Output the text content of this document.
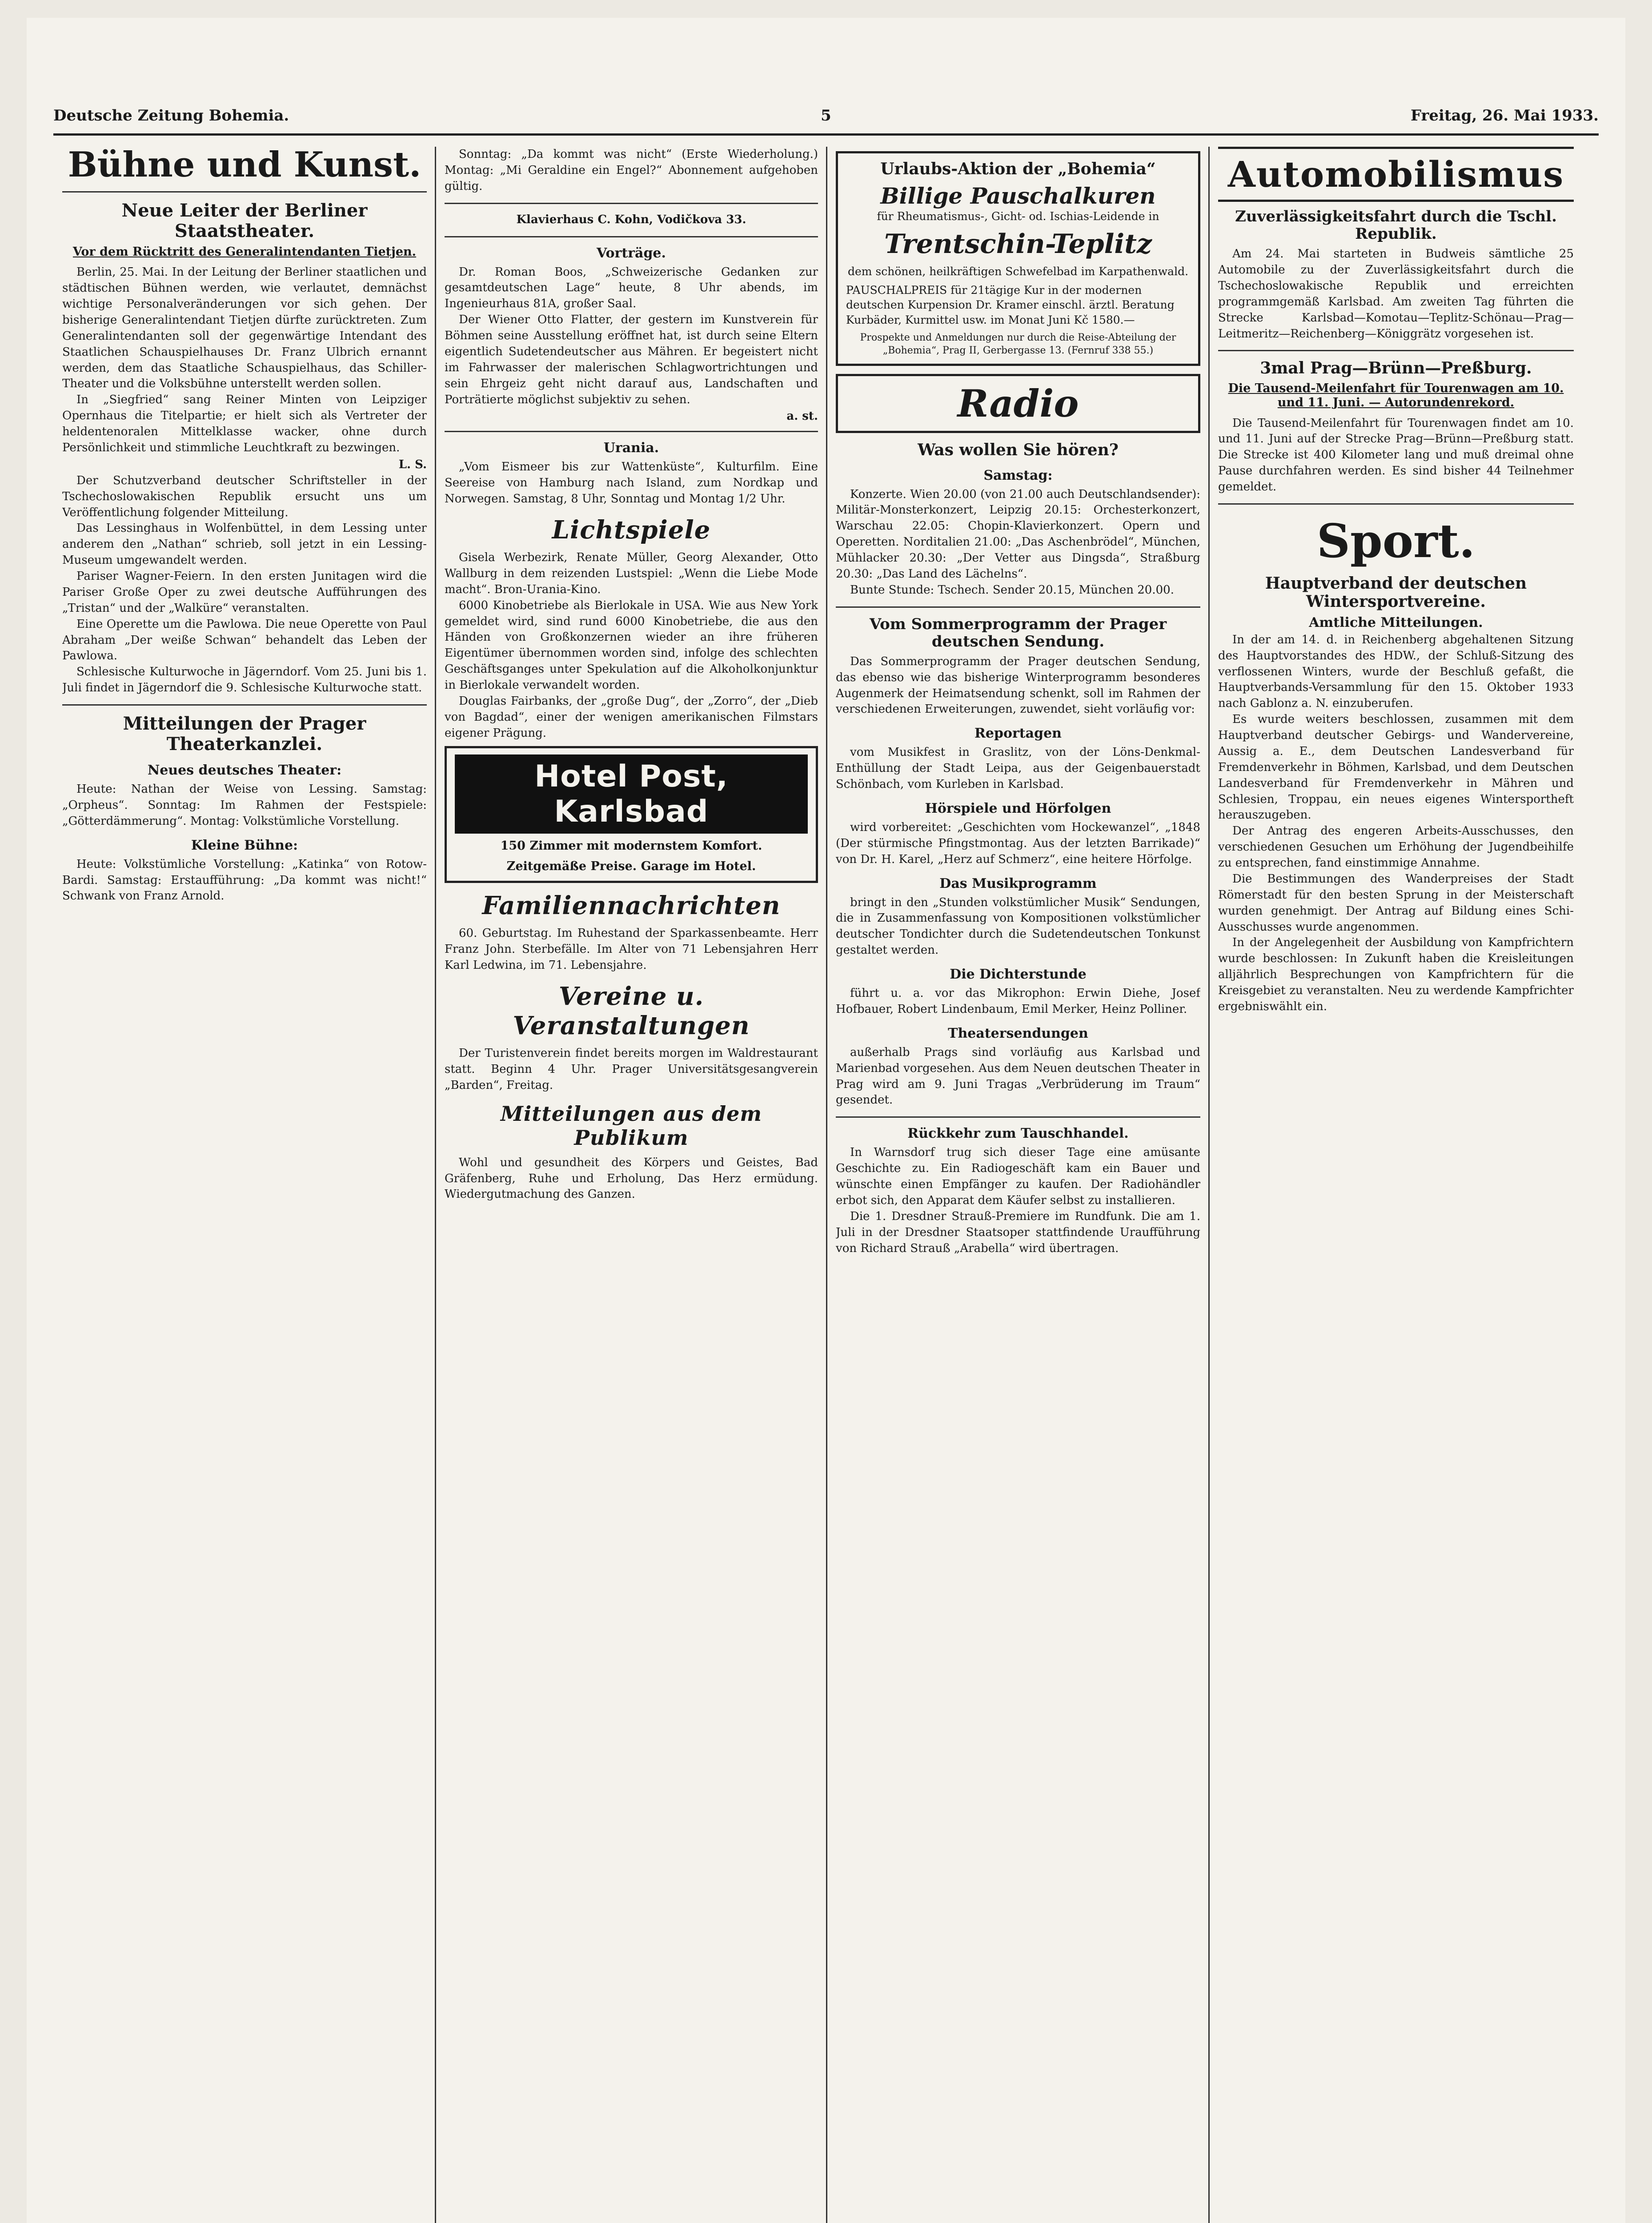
Deutsche Zeitung Bohemia.	5	Freitag, 26. Mai 1933.
Bühne und Kunst.
Neue Leiter der Berliner Staatstheater.
Vor dem Rücktritt des Generalintendanten Tietjen.

Berlin, 25. Mai. In der Leitung der Berliner staatlichen und städtischen Bühnen werden, wie verlautet, demnächst wichtige Personalveränderungen vor sich gehen. Der bisherige Generalintendant Tietjen dürfte zurücktreten. Zum Generalintendanten soll der gegenwärtige Intendant des Staatlichen Schauspielhauses Dr. Franz Ulbrich ernannt werden, dem das Staatliche Schauspielhaus, das Schiller-Theater und die Volksbühne unterstellt werden sollen.

In „Siegfried“ sang Reiner Minten von Leipziger Opernhaus die Titelpartie; er hielt sich als Vertreter der heldentenoralen Mittelklasse wacker, ohne durch Persönlichkeit und stimmliche Leuchtkraft zu bezwingen.

L. S.

Der Schutzverband deutscher Schriftsteller in der Tschechoslowakischen Republik ersucht uns um Veröffentlichung folgender Mitteilung.

Das Lessinghaus in Wolfenbüttel, in dem Lessing unter anderem den „Nathan“ schrieb, soll jetzt in ein Lessing-Museum umgewandelt werden.

Pariser Wagner-Feiern. In den ersten Junitagen wird die Pariser Große Oper zu zwei deutsche Aufführungen des „Tristan“ und der „Walküre“ veranstalten.

Eine Operette um die Pawlowa. Die neue Operette von Paul Abraham „Der weiße Schwan“ behandelt das Leben der Pawlowa.

Schlesische Kulturwoche in Jägerndorf. Vom 25. Juni bis 1. Juli findet in Jägerndorf die 9. Schlesische Kulturwoche statt.

Mitteilungen der Prager Theaterkanzlei.
Neues deutsches Theater:

Heute: Nathan der Weise von Lessing. Samstag: „Orpheus“. Sonntag: Im Rahmen der Festspiele: „Götterdämmerung“. Montag: Volkstümliche Vorstellung.

Kleine Bühne:

Heute: Volkstümliche Vorstellung: „Katinka“ von Rotow-Bardi. Samstag: Erstaufführung: „Da kommt was nicht!“ Schwank von Franz Arnold.

Sonntag: „Da kommt was nicht“ (Erste Wiederholung.) Montag: „Mi Geraldine ein Engel?“ Abonnement aufgehoben gültig.

Klavierhaus C. Kohn, Vodičkova 33.

Vorträge.

Dr. Roman Boos, „Schweizerische Gedanken zur gesamtdeutschen Lage“ heute, 8 Uhr abends, im Ingenieurhaus 81A, großer Saal.

Der Wiener Otto Flatter, der gestern im Kunstverein für Böhmen seine Ausstellung eröffnet hat, ist durch seine Eltern eigentlich Sudetendeutscher aus Mähren. Er begeistert nicht im Fahrwasser der malerischen Schlagwortrichtungen und sein Ehrgeiz geht nicht darauf aus, Landschaften und Porträtierte möglichst subjektiv zu sehen.

a. st.
Urania.

„Vom Eismeer bis zur Wattenküste“, Kulturfilm. Eine Seereise von Hamburg nach Island, zum Nordkap und Norwegen. Samstag, 8 Uhr, Sonntag und Montag 1/2 Uhr.

Lichtspiele

Gisela Werbezirk, Renate Müller, Georg Alexander, Otto Wallburg in dem reizenden Lustspiel: „Wenn die Liebe Mode macht“. Bron-Urania-Kino.

6000 Kinobetriebe als Bierlokale in USA. Wie aus New York gemeldet wird, sind rund 6000 Kinobetriebe, die aus den Händen von Großkonzernen wieder an ihre früheren Eigentümer übernommen worden sind, infolge des schlechten Geschäftsganges unter Spekulation auf die Alkoholkonjunktur in Bierlokale verwandelt worden.

Douglas Fairbanks, der „große Dug“, der „Zorro“, der „Dieb von Bagdad“, einer der wenigen amerikanischen Filmstars eigener Prägung.

Hotel Post, Karlsbad
150 Zimmer mit modernstem Komfort.
Zeitgemäße Preise. Garage im Hotel.
Familiennachrichten

60. Geburtstag. Im Ruhestand der Sparkassenbeamte. Herr Franz John. Sterbefälle. Im Alter von 71 Lebensjahren Herr Karl Ledwina, im 71. Lebensjahre.

Vereine u. Veranstaltungen

Der Turistenverein findet bereits morgen im Waldrestaurant statt. Beginn 4 Uhr. Prager Universitätsgesangverein „Barden“, Freitag.

Mitteilungen aus dem Publikum

Wohl und gesundheit des Körpers und Geistes, Bad Gräfenberg, Ruhe und Erholung, Das Herz ermüdung. Wiedergutmachung des Ganzen.

Urlaubs-Aktion der „Bohemia“
Billige Pauschalkuren
für Rheumatismus-, Gicht- od. Ischias-Leidende in
Trentschin-Teplitz
dem schönen, heilkräftigen Schwefelbad im Karpathenwald.
PAUSCHALPREIS für 21tägige Kur in der modernen deutschen Kurpension Dr. Kramer einschl. ärztl. Beratung Kurbäder, Kurmittel usw. im Monat Juni Kč 1580.—
Prospekte und Anmeldungen nur durch die Reise-Abteilung der „Bohemia“, Prag II, Gerbergasse 13. (Fernruf 338 55.)
Radio
Was wollen Sie hören?
Samstag:

Konzerte. Wien 20.00 (von 21.00 auch Deutschlandsender): Militär-Monsterkonzert, Leipzig 20.15: Orchesterkonzert, Warschau 22.05: Chopin-Klavierkonzert. Opern und Operetten. Norditalien 21.00: „Das Aschenbrödel“, München, Mühlacker 20.30: „Der Vetter aus Dingsda“, Straßburg 20.30: „Das Land des Lächelns“.

Bunte Stunde: Tschech. Sender 20.15, München 20.00.

Vom Sommerprogramm der Prager deutschen Sendung.

Das Sommerprogramm der Prager deutschen Sendung, das ebenso wie das bisherige Winterprogramm besonderes Augenmerk der Heimatsendung schenkt, soll im Rahmen der verschiedenen Erweiterungen, zuwendet, sieht vorläufig vor:

Reportagen

vom Musikfest in Graslitz, von der Löns-Denkmal-Enthüllung der Stadt Leipa, aus der Geigenbauerstadt Schönbach, vom Kurleben in Karlsbad.

Hörspiele und Hörfolgen

wird vorbereitet: „Geschichten vom Hockewanzel“, „1848 (Der stürmische Pfingstmontag. Aus der letzten Barrikade)“ von Dr. H. Karel, „Herz auf Schmerz“, eine heitere Hörfolge.

Das Musikprogramm

bringt in den „Stunden volkstümlicher Musik“ Sendungen, die in Zusammenfassung von Kompositionen volkstümlicher deutscher Tondichter durch die Sudetendeutschen Tonkunst gestaltet werden.

Die Dichterstunde

führt u. a. vor das Mikrophon: Erwin Diehe, Josef Hofbauer, Robert Lindenbaum, Emil Merker, Heinz Polliner.

Theatersendungen

außerhalb Prags sind vorläufig aus Karlsbad und Marienbad vorgesehen. Aus dem Neuen deutschen Theater in Prag wird am 9. Juni Tragas „Verbrüderung im Traum“ gesendet.

Rückkehr zum Tauschhandel.

In Warnsdorf trug sich dieser Tage eine amüsante Geschichte zu. Ein Radiogeschäft kam ein Bauer und wünschte einen Empfänger zu kaufen. Der Radiohändler erbot sich, den Apparat dem Käufer selbst zu installieren.

Die 1. Dresdner Strauß-Premiere im Rundfunk. Die am 1. Juli in der Dresdner Staatsoper stattfindende Uraufführung von Richard Strauß „Arabella“ wird übertragen.

Automobilismus
Zuverlässigkeitsfahrt durch die Tschl. Republik.

Am 24. Mai starteten in Budweis sämtliche 25 Automobile zu der Zuverlässigkeitsfahrt durch die Tschechoslowakische Republik und erreichten programmgemäß Karlsbad. Am zweiten Tag führten die Strecke Karlsbad—Komotau—Teplitz-Schönau—Prag—Leitmeritz—Reichenberg—Königgrätz vorgesehen ist.

3mal Prag—Brünn—Preßburg.
Die Tausend-Meilenfahrt für Tourenwagen am 10. und 11. Juni. — Autorundenrekord.

Die Tausend-Meilenfahrt für Tourenwagen findet am 10. und 11. Juni auf der Strecke Prag—Brünn—Preßburg statt. Die Strecke ist 400 Kilometer lang und muß dreimal ohne Pause durchfahren werden. Es sind bisher 44 Teilnehmer gemeldet.

Sport.
Hauptverband der deutschen Wintersportvereine.
Amtliche Mitteilungen.

In der am 14. d. in Reichenberg abgehaltenen Sitzung des Hauptvorstandes des HDW., der Schluß-Sitzung des verflossenen Winters, wurde der Beschluß gefaßt, die Hauptverbands-Versammlung für den 15. Oktober 1933 nach Gablonz a. N. einzuberufen.

Es wurde weiters beschlossen, zusammen mit dem Hauptverband deutscher Gebirgs- und Wandervereine, Aussig a. E., dem Deutschen Landesverband für Fremdenverkehr in Böhmen, Karlsbad, und dem Deutschen Landesverband für Fremdenverkehr in Mähren und Schlesien, Troppau, ein neues eigenes Wintersportheft herauszugeben.

Der Antrag des engeren Arbeits-Ausschusses, den verschiedenen Gesuchen um Erhöhung der Jugendbeihilfe zu entsprechen, fand einstimmige Annahme.

Die Bestimmungen des Wanderpreises der Stadt Römerstadt für den besten Sprung in der Meisterschaft wurden genehmigt. Der Antrag auf Bildung eines Schi-Ausschusses wurde angenommen.

In der Angelegenheit der Ausbildung von Kampfrichtern wurde beschlossen: In Zukunft haben die Kreisleitungen alljährlich Besprechungen von Kampfrichtern für die Kreisgebiet zu veranstalten. Neu zu werdende Kampfrichter ergebniswählt ein.
